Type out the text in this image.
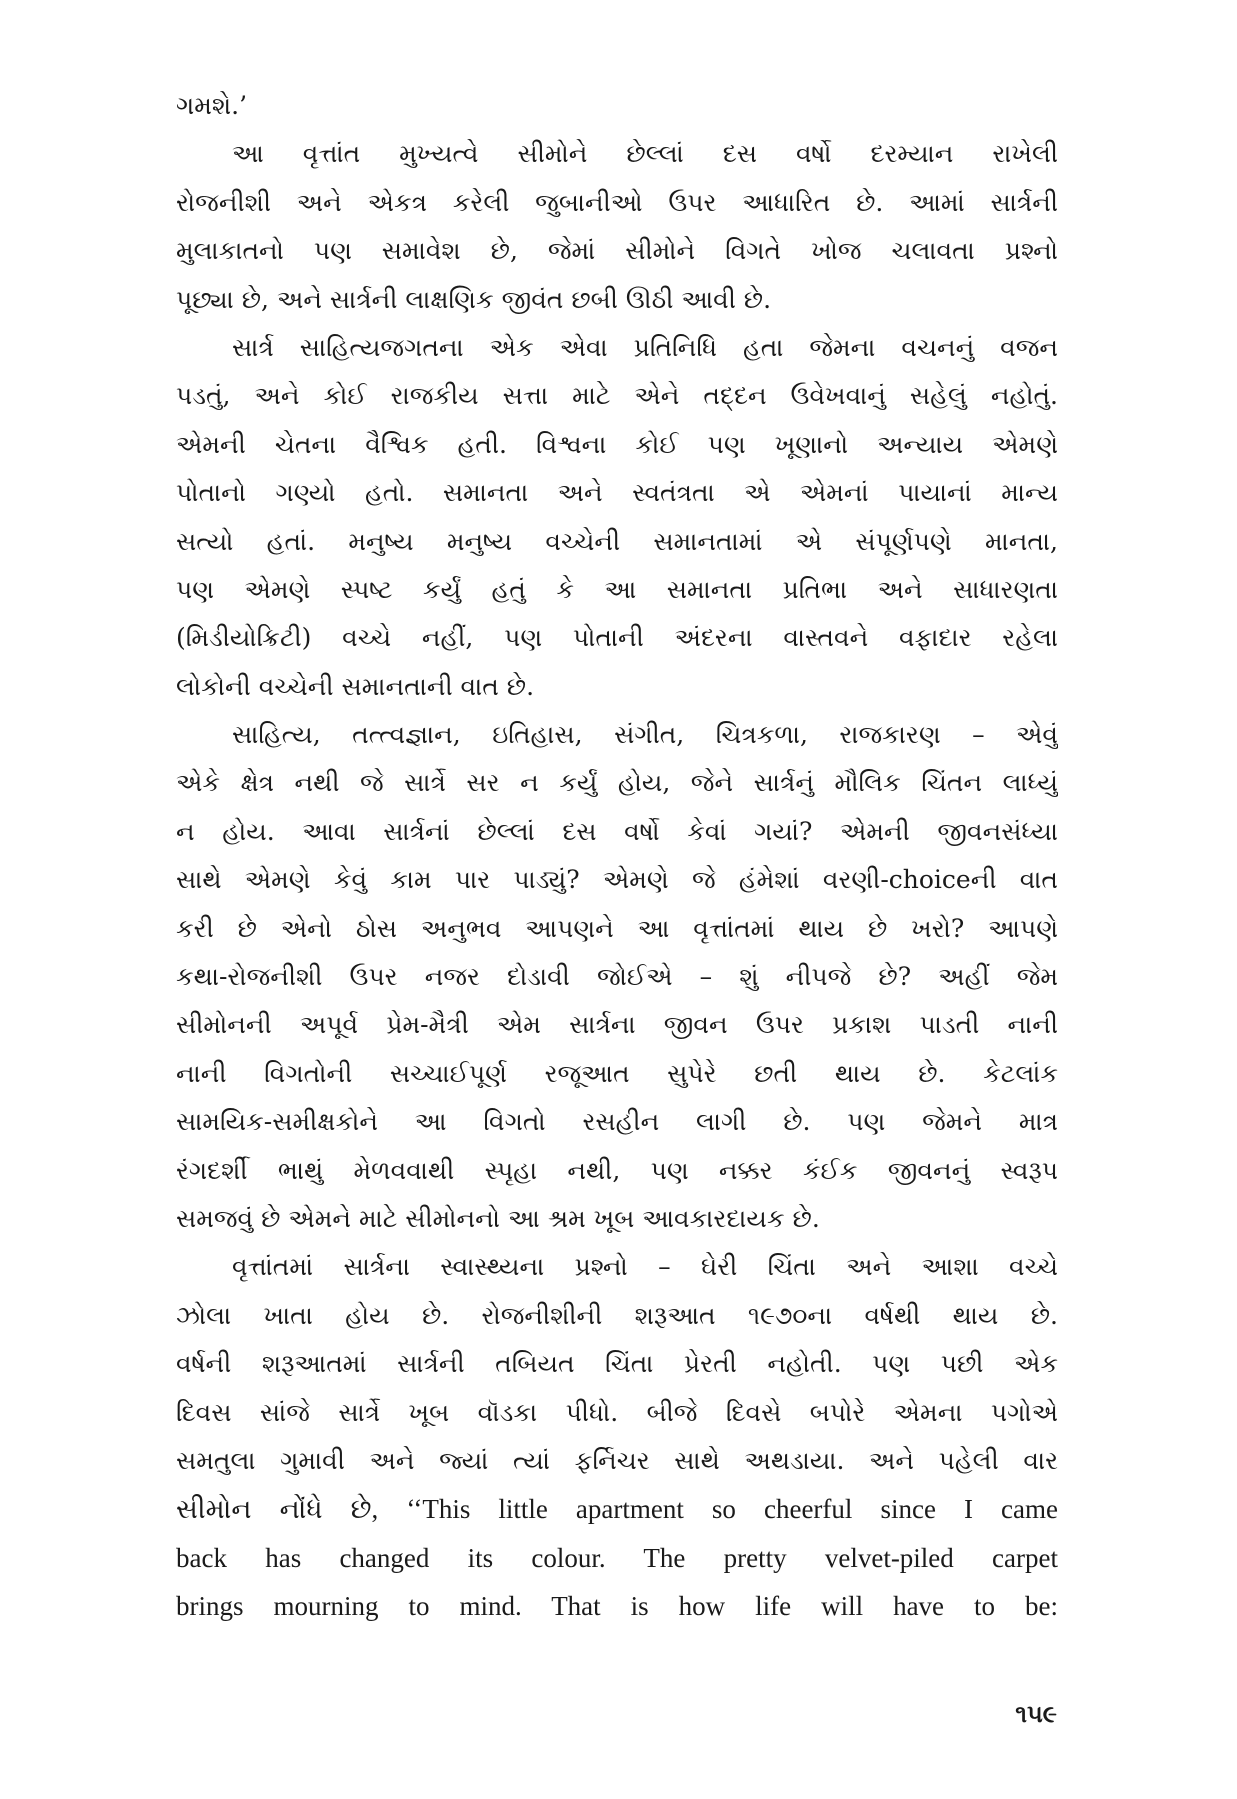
ગમશે.’
આ વૃત્તાંત મુખ્યત્વે સીમોને છેલ્લાં દસ વર્ષો દરમ્યાન રાખેલી
રોજનીશી અને એકત્ર કરેલી જુબાનીઓ ઉપર આધારિત છે. આમાં સાર્ત્રની
મુલાકાતનો પણ સમાવેશ છે, જેમાં સીમોને વિગતે ખોજ ચલાવતા પ્રશ્નો
પૂછ્યા છે, અને સાર્ત્રની લાક્ષણિક જીવંત છબી ઊઠી આવી છે.
સાર્ત્ર સાહિત્યજગતના એક એવા પ્રતિનિધિ હતા જેમના વચનનું વજન
પડતું, અને કોઈ રાજકીય સત્તા માટે એને તદ્દન ઉવેખવાનું સહેલું નહોતું.
એમની ચેતના વૈશ્વિક હતી. વિશ્વના કોઈ પણ ખૂણાનો અન્યાય એમણે
પોતાનો ગણ્યો હતો. સમાનતા અને સ્વતંત્રતા એ એમનાં પાયાનાં માન્ય
સત્યો હતાં. મનુષ્ય મનુષ્ય વચ્ચેની સમાનતામાં એ સંપૂર્ણપણે માનતા,
પણ એમણે સ્પષ્ટ કર્યું હતું કે આ સમાનતા પ્રતિભા અને સાધારણતા
(મિડીયોક્રિટી) વચ્ચે નહીં, પણ પોતાની અંદરના વાસ્તવને વફાદાર રહેલા
લોકોની વચ્ચેની સમાનતાની વાત છે.
સાહિત્ય, તત્ત્વજ્ઞાન, ઇતિહાસ, સંગીત, ચિત્રકળા, રાજકારણ – એવું
એકે ક્ષેત્ર નથી જે સાર્ત્રે સર ન કર્યું હોય, જેને સાર્ત્રનું મૌલિક ચિંતન લાધ્યું
ન હોય. આવા સાર્ત્રનાં છેલ્લાં દસ વર્ષો કેવાં ગયાં? એમની જીવનસંધ્યા
સાથે એમણે કેવું કામ પાર પાડ્યું? એમણે જે હંમેશાં વરણી-choiceની વાત
કરી છે એનો ઠોસ અનુભવ આપણને આ વૃત્તાંતમાં થાય છે ખરો? આપણે
કથા-રોજનીશી ઉપર નજર દોડાવી જોઈએ – શું નીપજે છે? અહીં જેમ
સીમોનની અપૂર્વ પ્રેમ-મૈત્રી એમ સાર્ત્રના જીવન ઉપર પ્રકાશ પાડતી નાની
નાની વિગતોની સચ્ચાઈપૂર્ણ રજૂઆત સુપેરે છતી થાય છે. કેટલાંક
સામયિક-સમીક્ષકોને આ વિગતો રસહીન લાગી છે. પણ જેમને માત્ર
રંગદર્શી ભાથું મેળવવાથી સ્પૃહા નથી, પણ નક્કર કંઈક જીવનનું સ્વરૂપ
સમજવું છે એમને માટે સીમોનનો આ શ્રમ ખૂબ આવકારદાયક છે.
વૃત્તાંતમાં સાર્ત્રના સ્વાસ્થ્યના પ્રશ્નો – ઘેરી ચિંતા અને આશા વચ્ચે
ઝોલા ખાતા હોય છે. રોજનીશીની શરૂઆત ૧૯૭૦ના વર્ષથી થાય છે.
વર્ષની શરૂઆતમાં સાર્ત્રની તબિયત ચિંતા પ્રેરતી નહોતી. પણ પછી એક
દિવસ સાંજે સાર્ત્રે ખૂબ વૉડકા પીધો. બીજે દિવસે બપોરે એમના પગોએ
સમતુલા ગુમાવી અને જ્યાં ત્યાં ફર્નિચર સાથે અથડાયા. અને પહેલી વાર
સીમોન નોંધે છે, ‘‘This little apartment so cheerful since I came
back has changed its colour. The pretty velvet-piled carpet
brings mourning to mind. That is how life will have to be:
૧૫૯
